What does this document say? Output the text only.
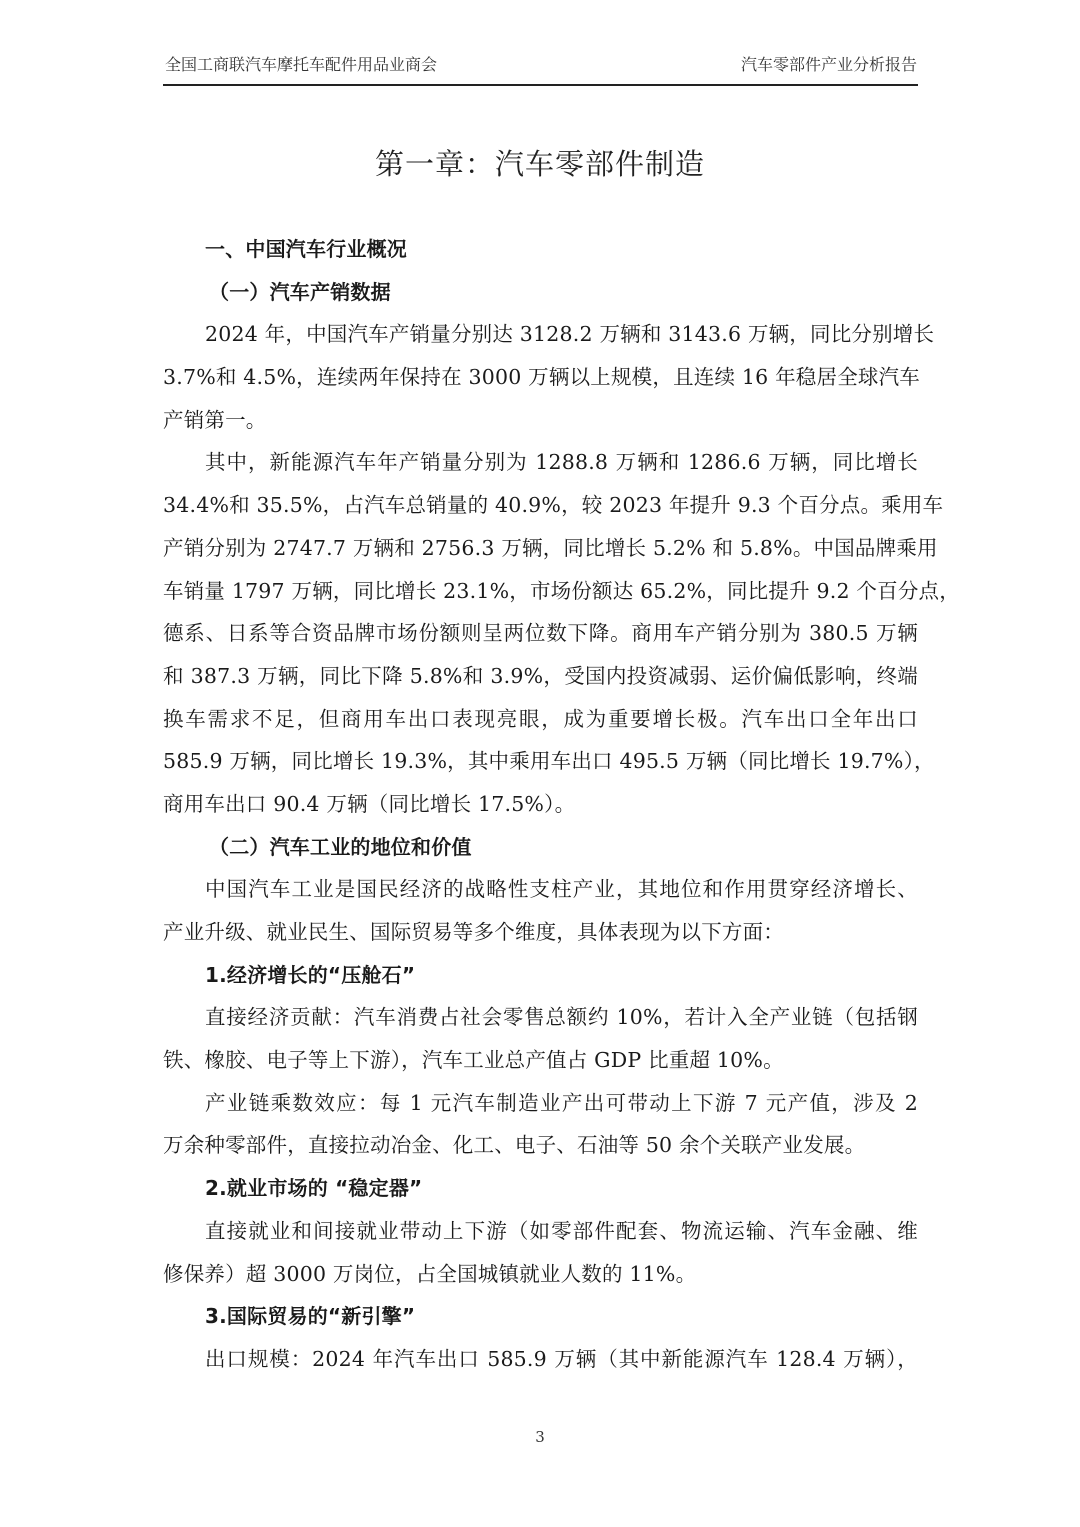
全国工商联汽车摩托车配件用品业商会	汽车零部件产业分析报告
第一章：汽车零部件制造
一、中国汽车行业概况
（一）汽车产销数据
2024 年，中国汽车产销量分别达 3128.2 万辆和 3143.6 万辆，同比分别增长
3.7%和 4.5%，连续两年保持在 3000 万辆以上规模，且连续 16 年稳居全球汽车
产销第一。
其中，新能源汽车年产销量分别为 1288.8 万辆和 1286.6 万辆，同比增长
34.4%和 35.5%，占汽车总销量的 40.9%，较 2023 年提升 9.3 个百分点。乘用车
产销分别为 2747.7 万辆和 2756.3 万辆，同比增长 5.2% 和 5.8%。中国品牌乘用
车销量 1797 万辆，同比增长 23.1%，市场份额达 65.2%，同比提升 9.2 个百分点，
德系、日系等合资品牌市场份额则呈两位数下降。商用车产销分别为 380.5 万辆
和 387.3 万辆，同比下降 5.8%和 3.9%，受国内投资减弱、运价偏低影响，终端
换车需求不足，但商用车出口表现亮眼，成为重要增长极。汽车出口全年出口
585.9 万辆，同比增长 19.3%，其中乘用车出口 495.5 万辆（同比增长 19.7%），
商用车出口 90.4 万辆（同比增长 17.5%）。
（二）汽车工业的地位和价值
中国汽车工业是国民经济的战略性支柱产业，其地位和作用贯穿经济增长、
产业升级、就业民生、国际贸易等多个维度，具体表现为以下方面：
1.经济增长的“压舱石”
直接经济贡献：汽车消费占社会零售总额约 10%，若计入全产业链（包括钢
铁、橡胶、电子等上下游），汽车工业总产值占 GDP 比重超 10%。
产业链乘数效应：每 1 元汽车制造业产出可带动上下游 7 元产值，涉及 2
万余种零部件，直接拉动冶金、化工、电子、石油等 50 余个关联产业发展。
2.就业市场的 “稳定器”
直接就业和间接就业带动上下游（如零部件配套、物流运输、汽车金融、维
修保养）超 3000 万岗位，占全国城镇就业人数的 11%。
3.国际贸易的“新引擎”
出口规模：2024 年汽车出口 585.9 万辆（其中新能源汽车 128.4 万辆），
3
